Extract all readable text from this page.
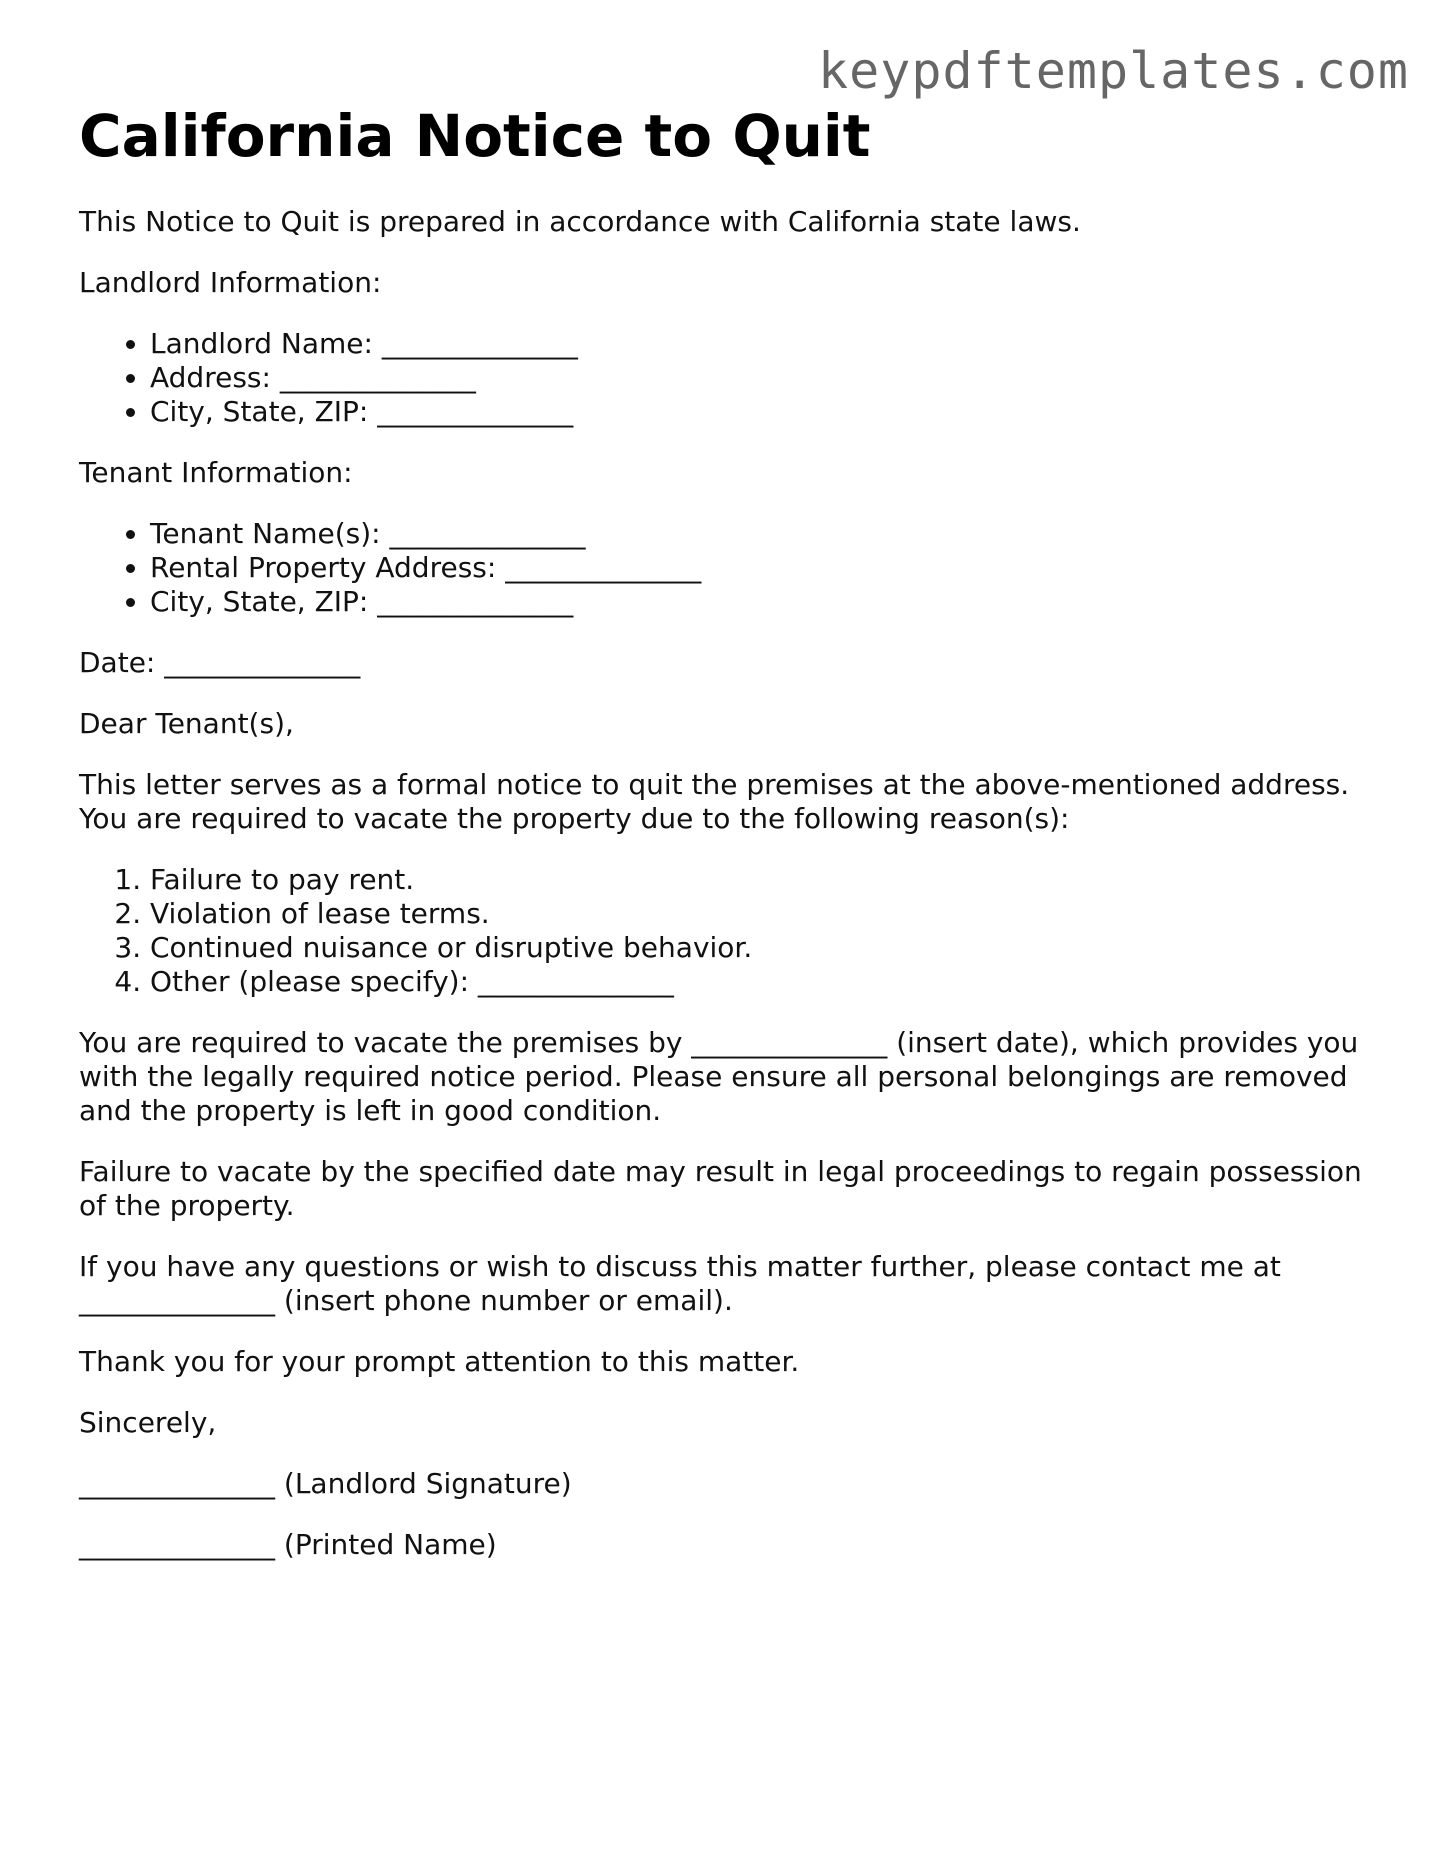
keypdftemplates.com
California Notice to Quit

This Notice to Quit is prepared in accordance with California state laws.

Landlord Information:

• Landlord Name: ______________
• Address: ______________
• City, State, ZIP: ______________

Tenant Information:

• Tenant Name(s): ______________
• Rental Property Address: ______________
• City, State, ZIP: ______________

Date: ______________

Dear Tenant(s),

This letter serves as a formal notice to quit the premises at the above-mentioned address. You are required to vacate the property due to the following reason(s):

1. Failure to pay rent.
2. Violation of lease terms.
3. Continued nuisance or disruptive behavior.
4. Other (please specify): ______________

You are required to vacate the premises by ______________ (insert date), which provides you with the legally required notice period. Please ensure all personal belongings are removed and the property is left in good condition.

Failure to vacate by the specified date may result in legal proceedings to regain possession of the property.

If you have any questions or wish to discuss this matter further, please contact me at ______________ (insert phone number or email).

Thank you for your prompt attention to this matter.

Sincerely,

______________ (Landlord Signature)

______________ (Printed Name)
